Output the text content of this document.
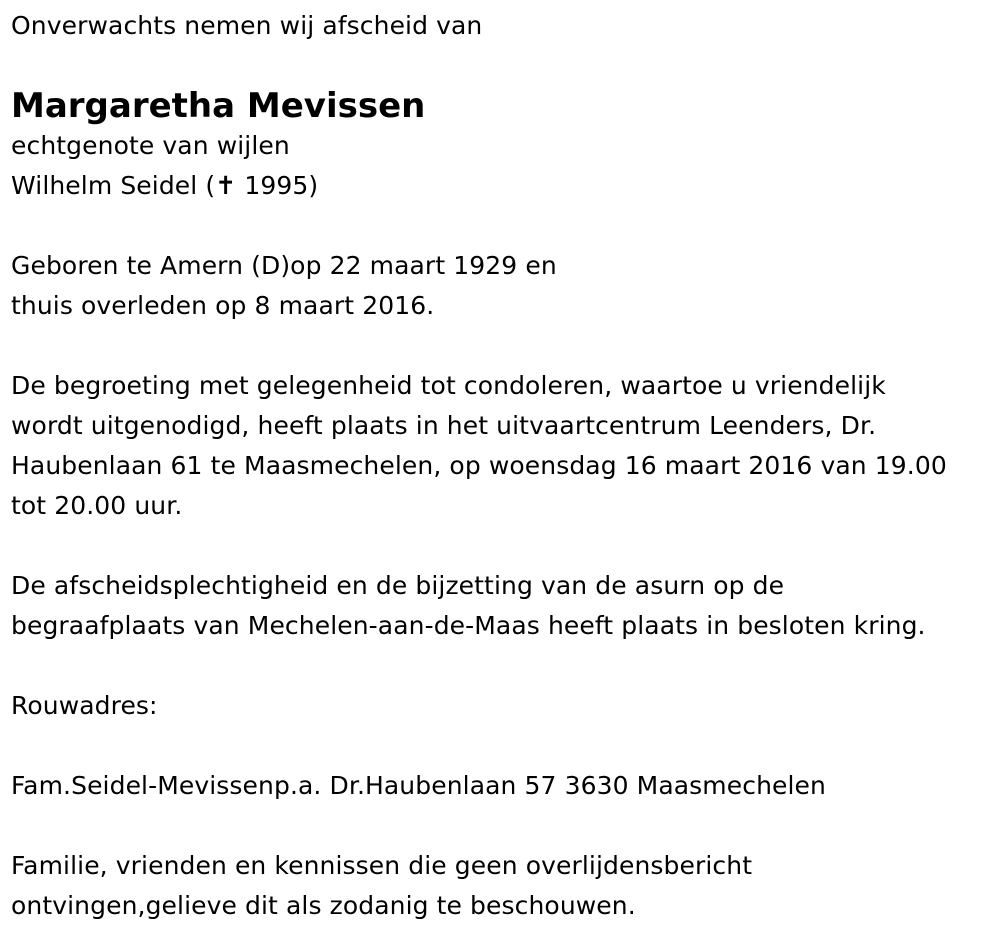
Onverwachts nemen wij afscheid van
Margaretha Mevissen
echtgenote van wijlen
Wilhelm Seidel (✝ 1995)
Geboren te Amern (D)op 22 maart 1929 en
thuis overleden op 8 maart 2016.
De begroeting met gelegenheid tot condoleren, waartoe u vriendelijk
wordt uitgenodigd, heeft plaats in het uitvaartcentrum Leenders, Dr.
Haubenlaan 61 te Maasmechelen, op woensdag 16 maart 2016 van 19.00
tot 20.00 uur.
De afscheidsplechtigheid en de bijzetting van de asurn op de
begraafplaats van Mechelen-aan-de-Maas heeft plaats in besloten kring.
Rouwadres:
Fam.Seidel-Mevissenp.a. Dr.Haubenlaan 57 3630 Maasmechelen
Familie, vrienden en kennissen die geen overlijdensbericht
ontvingen,gelieve dit als zodanig te beschouwen.
